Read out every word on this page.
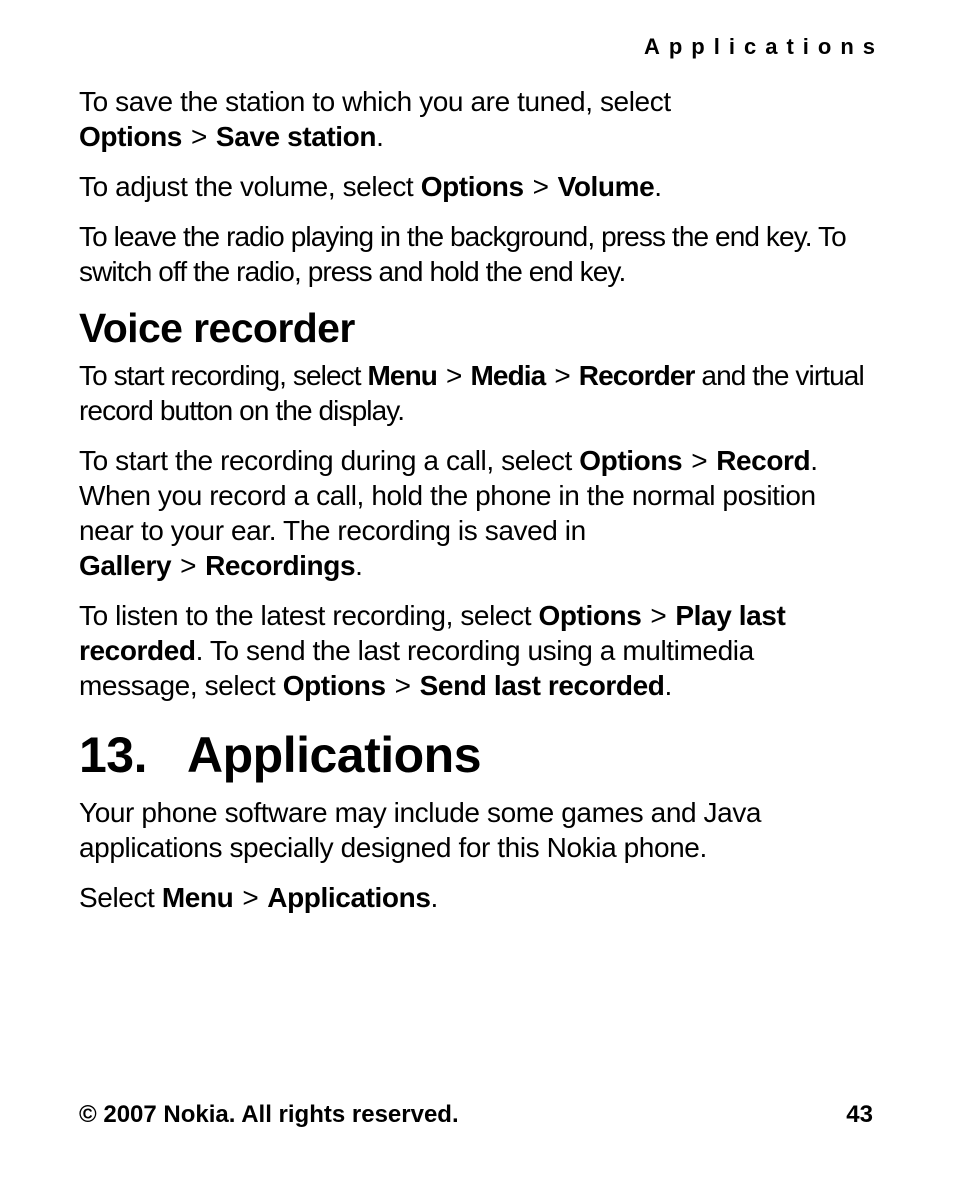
Applications

To save the station to which you are tuned, select Options > Save station.

To adjust the volume, select Options > Volume.

To leave the radio playing in the background, press the end key. To switch off the radio, press and hold the end key.

Voice recorder

To start recording, select Menu > Media > Recorder and the virtual record button on the display.

To start the recording during a call, select Options > Record. When you record a call, hold the phone in the normal position near to your ear. The recording is saved in Gallery > Recordings.

To listen to the latest recording, select Options > Play last recorded. To send the last recording using a multimedia message, select Options > Send last recorded.

13. Applications

Your phone software may include some games and Java applications specially designed for this Nokia phone.

Select Menu > Applications.

© 2007 Nokia. All rights reserved.	43
